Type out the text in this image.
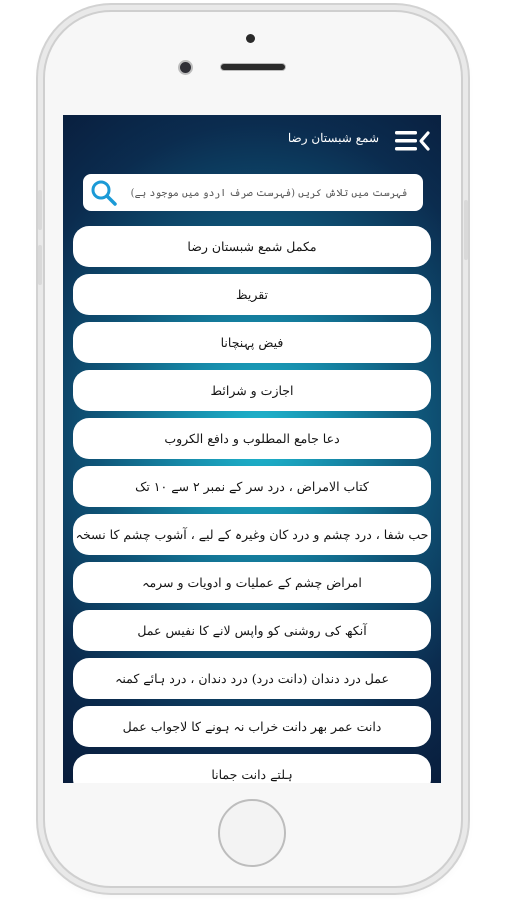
شمع شبستان رضا
فہرست میں تلاش کریں (فہرست صرف اردو میں موجود ہے)
مکمل شمع شبستان رضا
تقریظ
فیض پہنچانا
اجازت و شرائط
دعا جامع المطلوب و دافع الکروب
کتاب الامراض ، درد سر کے نمبر ۲ سے ۱۰ تک
حب شفا ، درد چشم و درد کان وغیرہ کے لیے ، آشوب چشم کا نسخہ
امراض چشم کے عملیات و ادویات و سرمہ
آنکھ کی روشنی کو واپس لانے کا نفیس عمل
عمل درد دندان (دانت درد) درد دندان ، درد ہائے کمنہ
دانت عمر بھر دانت خراب نہ ہونے کا لاجواب عمل
ہلتے دانت جمانا
